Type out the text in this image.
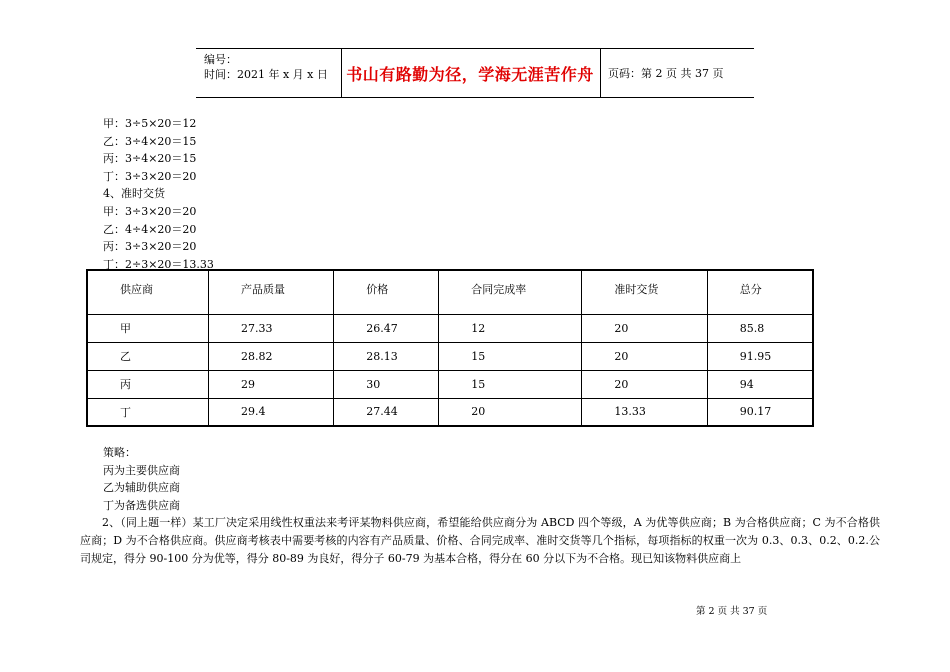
编号：
时间：2021 年 x 月 x 日	书山有路勤为径，学海无涯苦作舟	页码：第 2 页 共 37 页
甲：3÷5×20＝12
乙：3÷4×20＝15
丙：3÷4×20＝15
丁：3÷3×20＝20
4、准时交货
甲：3÷3×20＝20
乙：4÷4×20＝20
丙：3÷3×20＝20
丁：2÷3×20＝13.33
供应商	产品质量	价格	合同完成率	准时交货	总分
甲	27.33	26.47	12	20	85.8
乙	28.82	28.13	15	20	91.95
丙	29	30	15	20	94
丁	29.4	27.44	20	13.33	90.17
策略：
丙为主要供应商
乙为辅助供应商
丁为备选供应商
2、（同上题一样）某工厂决定采用线性权重法来考评某物料供应商，希望能给供应商分为 ABCD 四个等级，A 为优等供应商；B 为合格供应商；C 为不合格供应商；D 为不合格供应商。供应商考核表中需要考核的内容有产品质量、价格、合同完成率、准时交货等几个指标，每项指标的权重一次为 0.3、0.3、0.2、0.2.公司规定，得分 90-100 分为优等，得分 80-89 为良好，得分子 60-79 为基本合格，得分在 60 分以下为不合格。现已知该物料供应商上
第 2 页 共 37 页
